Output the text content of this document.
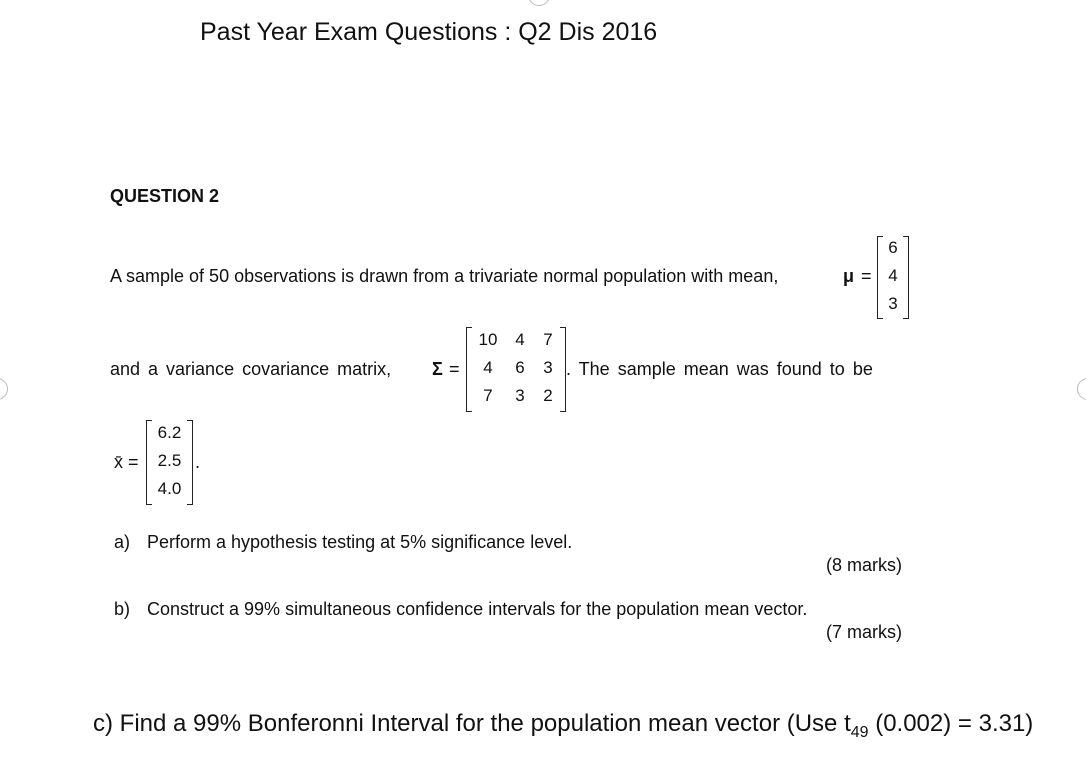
Past Year Exam Questions : Q2 Dis 2016
QUESTION 2
A sample of 50 observations is drawn from a trivariate normal population with mean,	μ =
6
4
3
and a variance covariance matrix, Σ =
10	4	7
4	6	3
7	3	2
. The sample mean was found to be
x̄ =
6.2
2.5
4.0
.
a) Perform a hypothesis testing at 5% significance level.
(8 marks)
b) Construct a 99% simultaneous confidence intervals for the population mean vector.
(7 marks)
c) Find a 99% Bonferonni Interval for the population mean vector (Use $t_{49}$ (0.002) = 3.31)
